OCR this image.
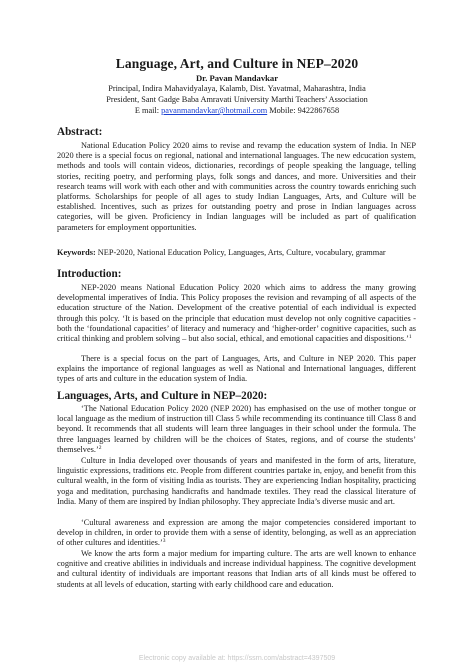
Language, Art, and Culture in NEP–2020
Dr. Pavan Mandavkar
Principal, Indira Mahavidyalaya, Kalamb, Dist. Yavatmal, Maharashtra, India
President, Sant Gadge Baba Amravati University Marthi Teachers’ Association
E mail: pavanmandavkar@hotmail.com Mobile: 9422867658
Abstract:

National Education Policy 2020 aims to revise and revamp the education system of India. In NEP 2020 there is a special focus on regional, national and international languages. The new edcucation system, methods and tools will contain videos, dictionaries, recordings of people speaking the language, telling stories, reciting poetry, and performing plays, folk songs and dances, and more. Universities and their research teams will work with each other and with communities across the country towards enriching such platforms. Scholarships for people of all ages to study Indian Languages, Arts, and Culture will be established. Incentives, such as prizes for outstanding poetry and prose in Indian languages across categories, will be given. Proficiency in Indian languages will be included as part of qualification parameters for employment opportunities.

Keywords: NEP-2020, National Education Policy, Languages, Arts, Culture, vocabulary, grammar
Introduction:

NEP-2020 means National Education Policy 2020 which aims to address the many growing developmental imperatives of India. This Policy proposes the revision and revamping of all aspects of the education structure of the Nation. Development of the creative potential of each individual is expected through this polcy. ‘It is based on the principle that education must develop not only cognitive capacities - both the ‘foundational capacities’ of literacy and numeracy and ‘higher-order’ cognitive capacities, such as critical thinking and problem solving – but also social, ethical, and emotional capacities and dispositions.’$^1$

There is a special focus on the part of Languages, Arts, and Culture in NEP 2020. This paper explains the importance of regional languages as well as National and International languages, different types of arts and culture in the education system of India.

Languages, Arts, and Culture in NEP–2020:

‘The National Education Policy 2020 (NEP 2020) has emphasised on the use of mother tongue or local language as the medium of instruction till Class 5 while recommending its continuance till Class 8 and beyond. It recommends that all students will learn three languages in their school under the formula. The three languages learned by children will be the choices of States, regions, and of course the students’ themselves.’$^2$

Culture in India developed over thousands of years and manifested in the form of arts, literature, linguistic expressions, traditions etc. People from different countries partake in, enjoy, and benefit from this cultural wealth, in the form of visiting India as tourists. They are experiencing Indian hospitality, practicing yoga and meditation, purchasing handicrafts and handmade textiles. They read the classical literature of India. Many of them are inspired by Indian philosophy. They appreciate India’s diverse music and art.

‘Cultural awareness and expression are among the major competencies considered important to develop in children, in order to provide them with a sense of identity, belonging, as well as an appreciation of other cultures and identities.’$^3$

We know the arts form a major medium for imparting culture. The arts are well known to enhance cognitive and creative abilities in individuals and increase individual happiness. The cognitive development and cultural identity of individuals are important reasons that Indian arts of all kinds must be offered to students at all levels of education, starting with early childhood care and education.

Electronic copy available at: https://ssrn.com/abstract=4397509
